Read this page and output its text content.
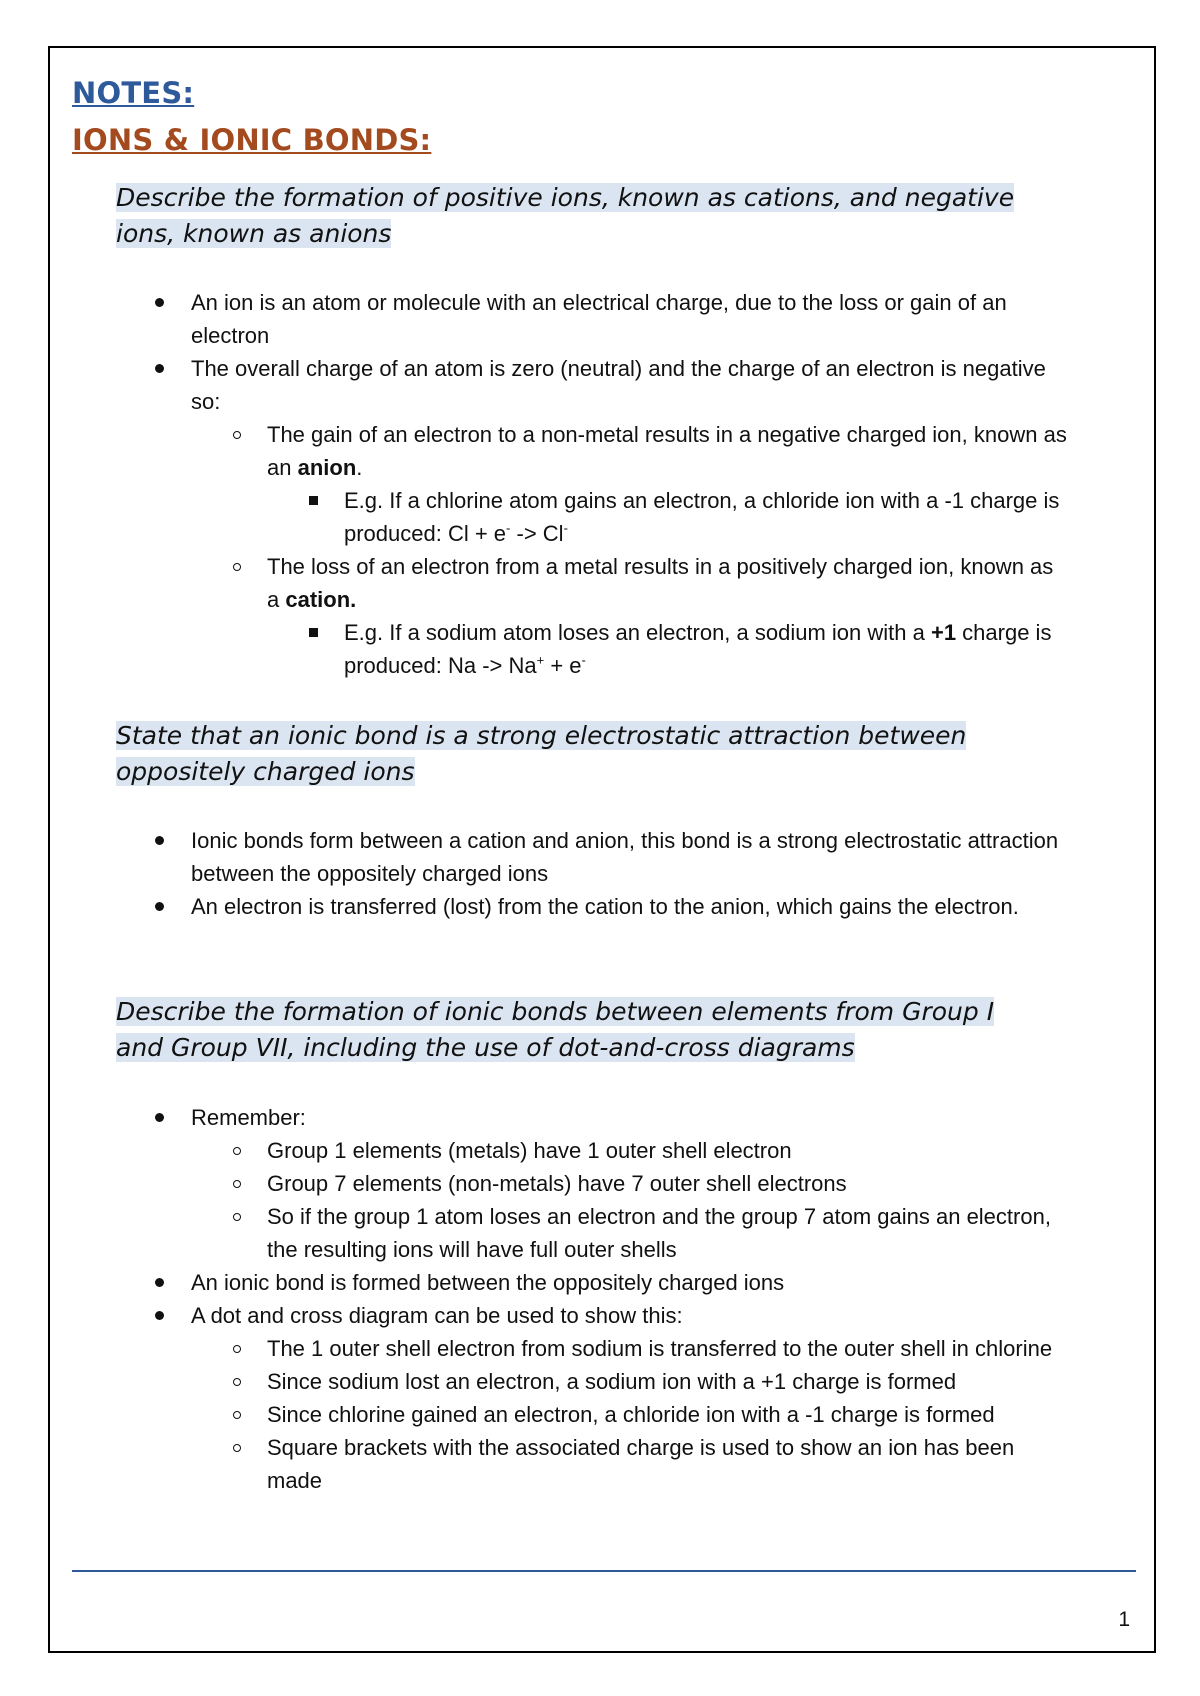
NOTES:
IONS & IONIC BONDS:
Describe the formation of positive ions, known as cations, and negative ions, known as anions
An ion is an atom or molecule with an electrical charge, due to the loss or gain of an electron
The overall charge of an atom is zero (neutral) and the charge of an electron is negative so:
The gain of an electron to a non-metal results in a negative charged ion, known as an anion.
E.g. If a chlorine atom gains an electron, a chloride ion with a -1 charge is produced: Cl + e- -> Cl-
The loss of an electron from a metal results in a positively charged ion, known as a cation.
E.g. If a sodium atom loses an electron, a sodium ion with a +1 charge is produced: Na -> Na+ + e-
State that an ionic bond is a strong electrostatic attraction between oppositely charged ions
Ionic bonds form between a cation and anion, this bond is a strong electrostatic attraction between the oppositely charged ions
An electron is transferred (lost) from the cation to the anion, which gains the electron.
Describe the formation of ionic bonds between elements from Group I and Group VII, including the use of dot-and-cross diagrams
Remember:
Group 1 elements (metals) have 1 outer shell electron
Group 7 elements (non-metals) have 7 outer shell electrons
So if the group 1 atom loses an electron and the group 7 atom gains an electron, the resulting ions will have full outer shells
An ionic bond is formed between the oppositely charged ions
A dot and cross diagram can be used to show this:
The 1 outer shell electron from sodium is transferred to the outer shell in chlorine
Since sodium lost an electron, a sodium ion with a +1 charge is formed
Since chlorine gained an electron, a chloride ion with a -1 charge is formed
Square brackets with the associated charge is used to show an ion has been made
1
